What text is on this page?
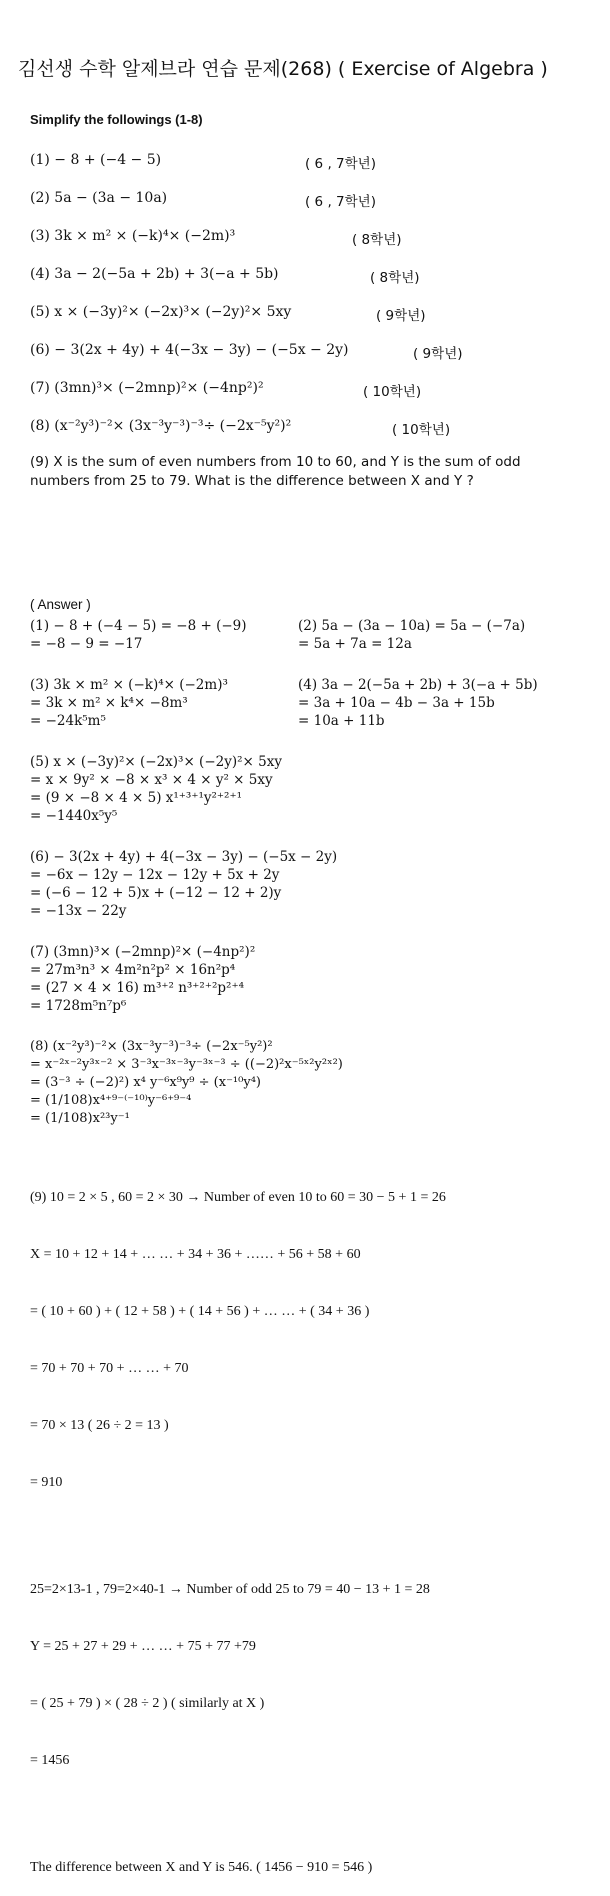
김선생 수학 알제브라 연습 문제(268) ( Exercise of Algebra )
Simplify the followings (1-8)
(1) − 8 + (−4 − 5)	( 6 , 7학년)
(2) 5a − (3a − 10a)	( 6 , 7학년)
(3) 3k × m² × (−k)⁴× (−2m)³	( 8학년)
(4) 3a − 2(−5a + 2b) + 3(−a + 5b)	( 8학년)
(5) x × (−3y)²× (−2x)³× (−2y)²× 5xy	( 9학년)
(6) − 3(2x + 4y) + 4(−3x − 3y) − (−5x − 2y)	( 9학년)
(7) (3mn)³× (−2mnp)²× (−4np²)²	( 10학년)
(8) (x⁻²y³)⁻²× (3x⁻³y⁻³)⁻³÷ (−2x⁻⁵y²)²	( 10학년)
(9) X is the sum of even numbers from 10 to 60, and Y is the sum of odd numbers from 25 to 79. What is the difference between X and Y ?
( Answer )
(1) − 8 + (−4 − 5) = −8 + (−9)
= −8 − 9 = −17
(2) 5a − (3a − 10a) = 5a − (−7a)
= 5a + 7a = 12a
(3) 3k × m² × (−k)⁴× (−2m)³
= 3k × m² × k⁴× −8m³
= −24k⁵m⁵
(4) 3a − 2(−5a + 2b) + 3(−a + 5b)
= 3a + 10a − 4b − 3a + 15b
= 10a + 11b
(5) x × (−3y)²× (−2x)³× (−2y)²× 5xy
= x × 9y² × −8 × x³ × 4 × y² × 5xy
= (9 × −8 × 4 × 5) x¹⁺³⁺¹y²⁺²⁺¹
= −1440x⁵y⁵
(6) − 3(2x + 4y) + 4(−3x − 3y) − (−5x − 2y)
= −6x − 12y − 12x − 12y + 5x + 2y
= (−6 − 12 + 5)x + (−12 − 12 + 2)y
= −13x − 22y
(7) (3mn)³× (−2mnp)²× (−4np²)²
= 27m³n³ × 4m²n²p² × 16n²p⁴
= (27 × 4 × 16) m³⁺² n³⁺²⁺²p²⁺⁴
= 1728m⁵n⁷p⁶
(8) (x⁻²y³)⁻²× (3x⁻³y⁻³)⁻³÷ (−2x⁻⁵y²)²
= x⁻²ˣ⁻²y³ˣ⁻² × 3⁻³x⁻³ˣ⁻³y⁻³ˣ⁻³ ÷ ((−2)²x⁻⁵ˣ²y²ˣ²)
= (3⁻³ ÷ (−2)²) x⁴ y⁻⁶x⁹y⁹ ÷ (x⁻¹⁰y⁴)
= (1/108)x⁴⁺⁹⁻⁽⁻¹⁰⁾y⁻⁶⁺⁹⁻⁴
= (1/108)x²³y⁻¹

(9) 10 = 2 × 5 , 60 = 2 × 30 → Number of even 10 to 60 = 30 − 5 + 1 = 26

X = 10 + 12 + 14 + … … + 34 + 36 + …… + 56 + 58 + 60

= ( 10 + 60 ) + ( 12 + 58 ) + ( 14 + 56 ) + … … + ( 34 + 36 )

= 70 + 70 + 70 + … … + 70

= 70 × 13 ( 26 ÷ 2 = 13 )

= 910

25=2×13-1 , 79=2×40-1 → Number of odd 25 to 79 = 40 − 13 + 1 = 28

Y = 25 + 27 + 29 + … … + 75 + 77 +79

= ( 25 + 79 ) × ( 28 ÷ 2 ) ( similarly at X )

= 1456

The difference between X and Y is 546. ( 1456 − 910 = 546 )
